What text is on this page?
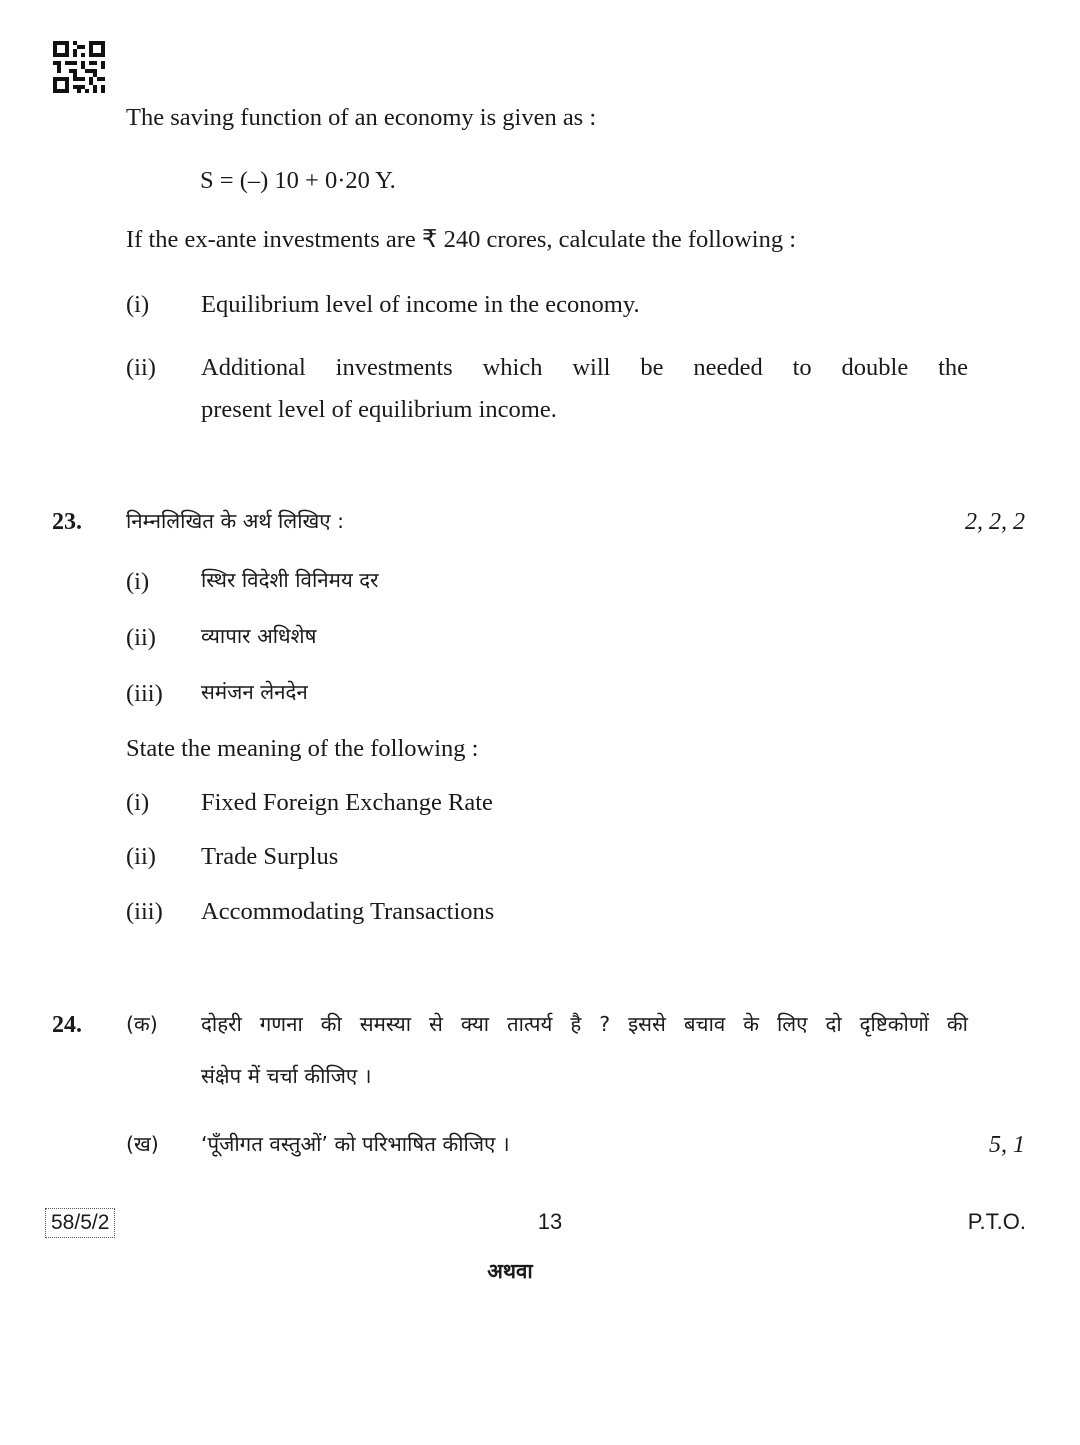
The saving function of an economy is given as :
S = (–) 10 + 0·20 Y.
If the ex-ante investments are ₹ 240 crores, calculate the following :
(i) Equilibrium level of income in the economy.
(ii) Additional investments which will be needed to double the
present level of equilibrium income.
23. निम्नलिखित के अर्थ लिखिए :	2, 2, 2
(i)	स्थिर विदेशी विनिमय दर
(ii) व्यापार अधिशेष
(iii) समंजन लेनदेन
State the meaning of the following :
(i) Fixed Foreign Exchange Rate
(ii) Trade Surplus
(iii) Accommodating Transactions
24. (क) दोहरी गणना की समस्या से क्या तात्पर्य है ? इससे बचाव के लिए दो दृष्टिकोणों की
संक्षेप में चर्चा कीजिए ।
(ख) ‘पूँजीगत वस्तुओं’ को परिभाषित कीजिए ।	5, 1
अथवा
58/5/2	13	P.T.O.
